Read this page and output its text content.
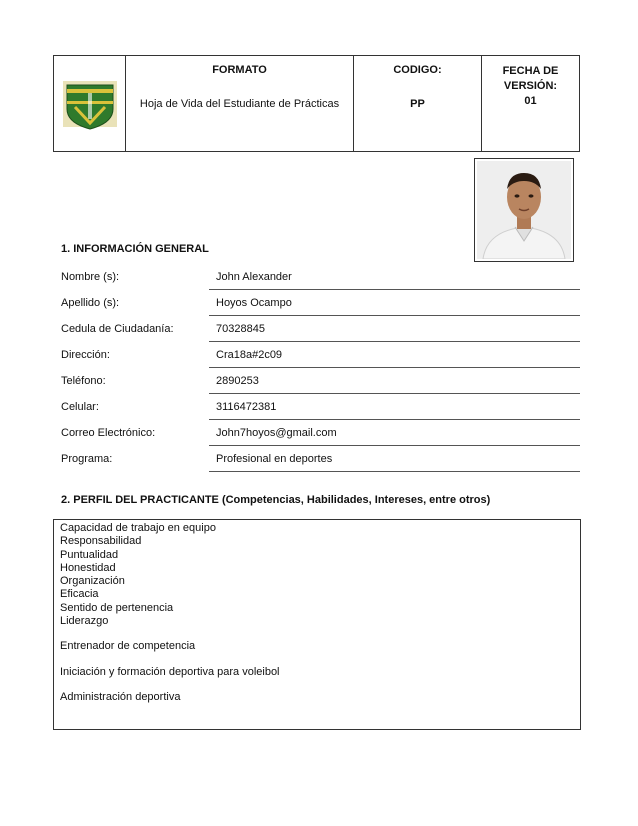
FORMATO
Hoja de Vida del Estudiante de Prácticas
CODIGO:
PP
FECHA DE
VERSIÓN:
01
1. INFORMACIÓN GENERAL
Nombre (s):	John Alexander
Apellido (s):	Hoyos Ocampo
Cedula de Ciudadanía:	70328845
Dirección:	Cra18a#2c09
Teléfono:	2890253
Celular:	3116472381
Correo Electrónico:	John7hoyos@gmail.com
Programa:	Profesional en deportes
2. PERFIL DEL PRACTICANTE (Competencias, Habilidades, Intereses, entre otros)
Capacidad de trabajo en equipo
Responsabilidad
Puntualidad
Honestidad
Organización
Eficacia
Sentido de pertenencia
Liderazgo
Entrenador de competencia
Iniciación y formación deportiva para voleibol
Administración deportiva
